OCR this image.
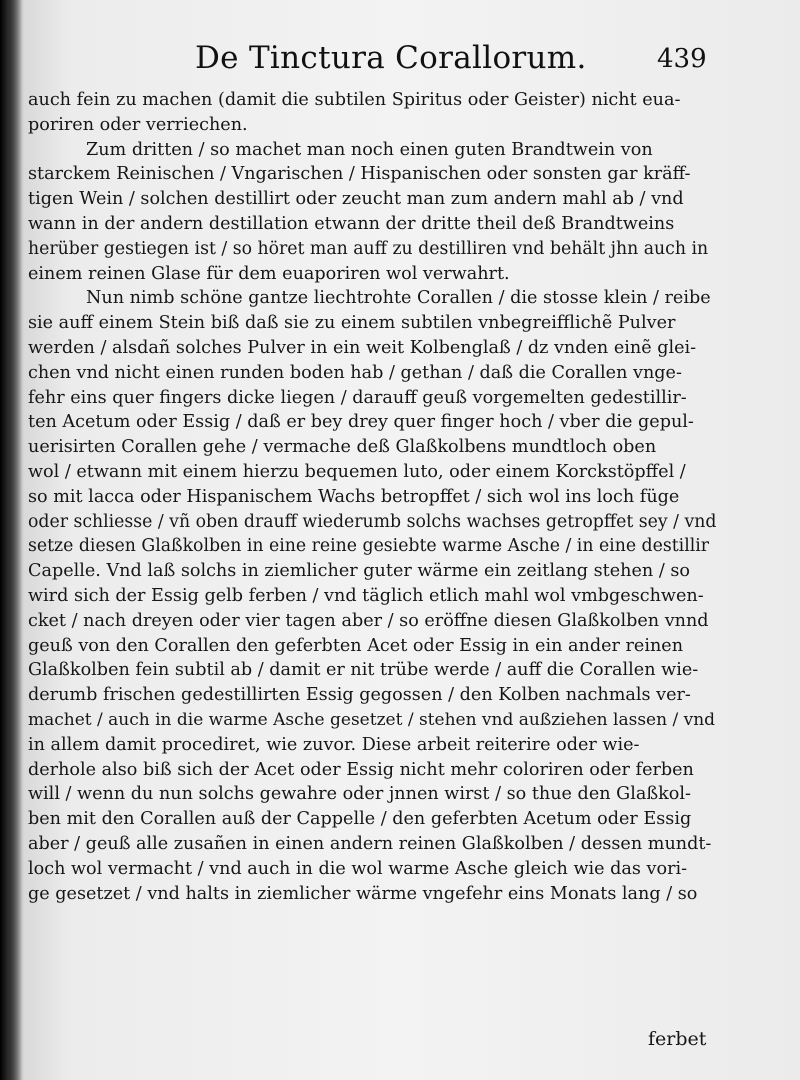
De Tinctura Corallorum.	439
auch fein zu machen (damit die subtilen Spiritus oder Geister) nicht eua-
poriren oder verriechen.
Zum dritten / so machet man noch einen guten Brandtwein von
starckem Reinischen / Vngarischen / Hispanischen oder sonsten gar kräff-
tigen Wein / solchen destillirt oder zeucht man zum andern mahl ab / vnd
wann in der andern destillation etwann der dritte theil deß Brandtweins
herüber gestiegen ist / so höret man auff zu destilliren vnd behält jhn auch in
einem reinen Glase für dem euaporiren wol verwahrt.
Nun nimb schöne gantze liechtrohte Corallen / die stosse klein / reibe
sie auff einem Stein biß daß sie zu einem subtilen vnbegreifflichẽ Pulver
werden / alsdañ solches Pulver in ein weit Kolbenglaß / dz vnden einẽ glei-
chen vnd nicht einen runden boden hab / gethan / daß die Corallen vnge-
fehr eins quer fingers dicke liegen / darauff geuß vorgemelten gedestillir-
ten Acetum oder Essig / daß er bey drey quer finger hoch / vber die gepul-
uerisirten Corallen gehe / vermache deß Glaßkolbens mundtloch oben
wol / etwann mit einem hierzu bequemen luto, oder einem Korckstöpffel /
so mit lacca oder Hispanischem Wachs betropffet / sich wol ins loch füge
oder schliesse / vñ oben drauff wiederumb solchs wachses getropffet sey / vnd
setze diesen Glaßkolben in eine reine gesiebte warme Asche / in eine destillir
Capelle. Vnd laß solchs in ziemlicher guter wärme ein zeitlang stehen / so
wird sich der Essig gelb ferben / vnd täglich etlich mahl wol vmbgeschwen-
cket / nach dreyen oder vier tagen aber / so eröffne diesen Glaßkolben vnnd
geuß von den Corallen den geferbten Acet oder Essig in ein ander reinen
Glaßkolben fein subtil ab / damit er nit trübe werde / auff die Corallen wie-
derumb frischen gedestillirten Essig gegossen / den Kolben nachmals ver-
machet / auch in die warme Asche gesetzet / stehen vnd außziehen lassen / vnd
in allem damit procediret, wie zuvor. Diese arbeit reiterire oder wie-
derhole also biß sich der Acet oder Essig nicht mehr coloriren oder ferben
will / wenn du nun solchs gewahre oder jnnen wirst / so thue den Glaßkol-
ben mit den Corallen auß der Cappelle / den geferbten Acetum oder Essig
aber / geuß alle zusañen in einen andern reinen Glaßkolben / dessen mundt-
loch wol vermacht / vnd auch in die wol warme Asche gleich wie das vori-
ge gesetzet / vnd halts in ziemlicher wärme vngefehr eins Monats lang / so
ferbet
